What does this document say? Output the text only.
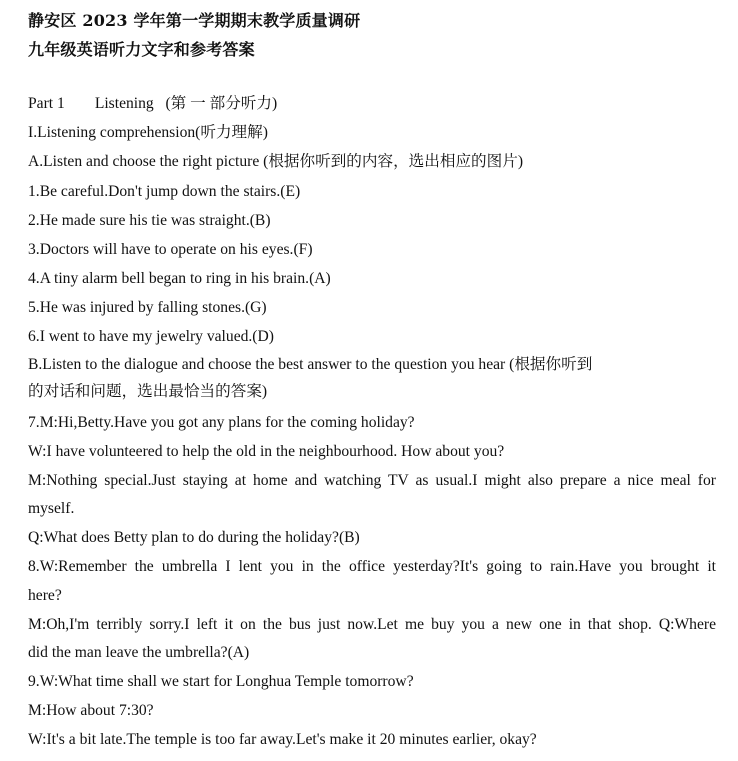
静安区 2023 学年第一学期期末教学质量调研
九年级英语听力文字和参考答案
Part 1 Listening (第 一 部分听力)
I.Listening comprehension(听力理解)
A.Listen and choose the right picture (根据你听到的内容，选出相应的图片)
1.Be careful.Don't jump down the stairs.(E)
2.He made sure his tie was straight.(B)
3.Doctors will have to operate on his eyes.(F)
4.A tiny alarm bell began to ring in his brain.(A)
5.He was injured by falling stones.(G)
6.I went to have my jewelry valued.(D)
B.Listen to the dialogue and choose the best answer to the question you hear (根据你听到
的对话和问题，选出最恰当的答案)
7.M:Hi,Betty.Have you got any plans for the coming holiday?
W:I have volunteered to help the old in the neighbourhood. How about you?
M:Nothing special.Just staying at home and watching TV as usual.I might also prepare a nice meal for
myself.
Q:What does Betty plan to do during the holiday?(B)
8.W:Remember the umbrella I lent you in the office yesterday?It's going to rain.Have you brought it
here?
M:Oh,I'm terribly sorry.I left it on the bus just now.Let me buy you a new one in that shop. Q:Where
did the man leave the umbrella?(A)
9.W:What time shall we start for Longhua Temple tomorrow?
M:How about 7:30?
W:It's a bit late.The temple is too far away.Let's make it 20 minutes earlier, okay?
